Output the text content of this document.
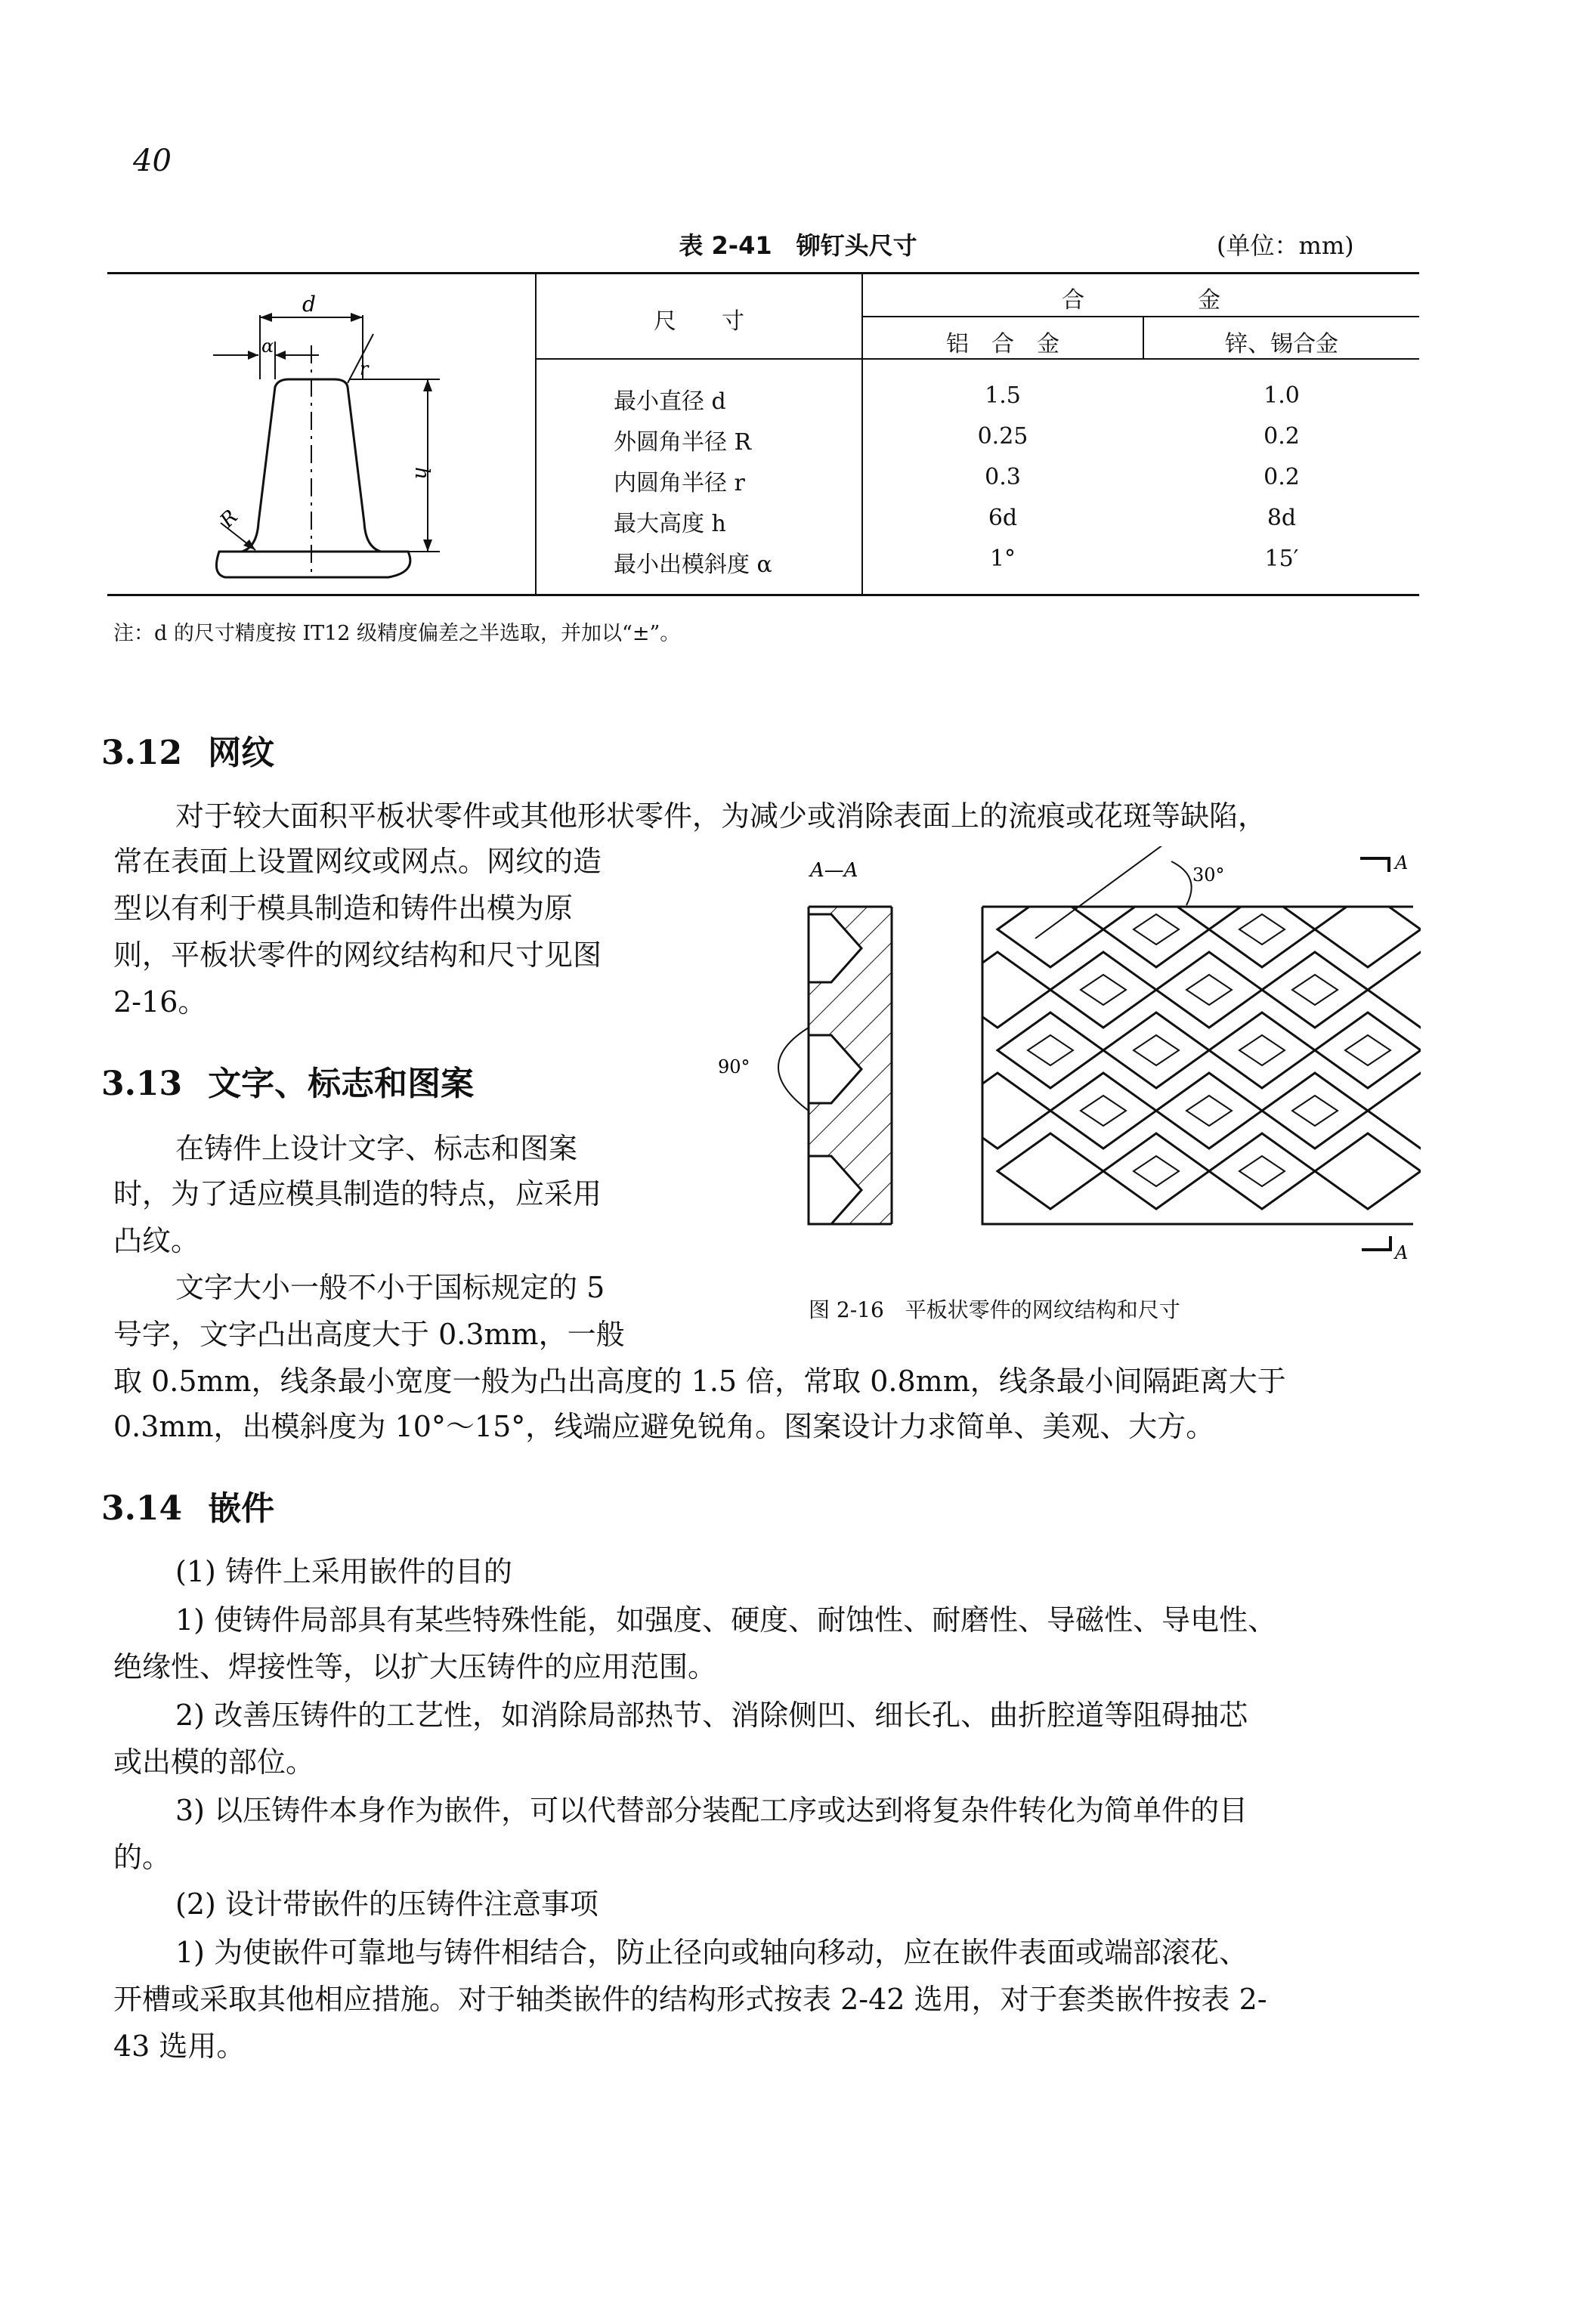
40
表 2-41　铆钉头尺寸	(单位：mm)
尺　　寸
合　　　　　金
铝　合　金	锌、锡合金
最小直径 d	1.5	1.0
外圆角半径 R	0.25	0.2
内圆角半径 r	0.3	0.2
最大高度 h	6d	8d
最小出模斜度 α	1°	15′
d
α
r
h
R
注：d 的尺寸精度按 IT12 级精度偏差之半选取，并加以“±”。
3.12 网纹
对于较大面积平板状零件或其他形状零件，为减少或消除表面上的流痕或花斑等缺陷，
常在表面上设置网纹或网点。网纹的造
型以有利于模具制造和铸件出模为原
则，平板状零件的网纹结构和尺寸见图
2-16。
3.13 文字、标志和图案
在铸件上设计文字、标志和图案
时，为了适应模具制造的特点，应采用
凸纹。
文字大小一般不小于国标规定的 5
号字，文字凸出高度大于 0.3mm，一般
取 0.5mm，线条最小宽度一般为凸出高度的 1.5 倍，常取 0.8mm，线条最小间隔距离大于
0.3mm，出模斜度为 10°～15°，线端应避免锐角。图案设计力求简单、美观、大方。
A—A
90°
30°
A
A
图 2-16　平板状零件的网纹结构和尺寸
3.14 嵌件
(1) 铸件上采用嵌件的目的
1) 使铸件局部具有某些特殊性能，如强度、硬度、耐蚀性、耐磨性、导磁性、导电性、
绝缘性、焊接性等，以扩大压铸件的应用范围。
2) 改善压铸件的工艺性，如消除局部热节、消除侧凹、细长孔、曲折腔道等阻碍抽芯
或出模的部位。
3) 以压铸件本身作为嵌件，可以代替部分装配工序或达到将复杂件转化为简单件的目
的。
(2) 设计带嵌件的压铸件注意事项
1) 为使嵌件可靠地与铸件相结合，防止径向或轴向移动，应在嵌件表面或端部滚花、
开槽或采取其他相应措施。对于轴类嵌件的结构形式按表 2-42 选用，对于套类嵌件按表 2-
43 选用。
